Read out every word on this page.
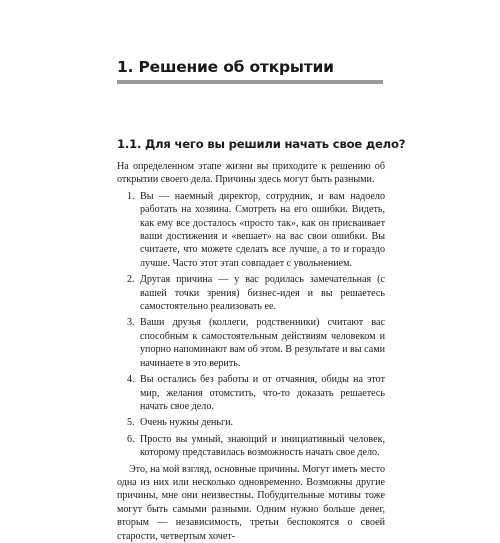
1. Решение об открытии
1.1. Для чего вы решили начать свое дело?

На определенном этапе жизни вы приходите к решению об открытии своего дела. Причины здесь могут быть разными.

1. Вы — наемный директор, сотрудник, и вам надоело работать на хозяина. Смотреть на его ошибки. Видеть, как ему все досталось «просто так», как он присваивает ваши достижения и «вешает» на вас свои ошибки. Вы считаете, что можете сделать все лучше, а то и гораздо лучше. Часто этот этап совпадает с увольнением.
2. Другая причина — у вас родилась замечательная (с вашей точки зрения) бизнес-идея и вы решаетесь самостоятельно реализовать ее.
3. Ваши друзья (коллеги, родственники) считают вас способным к самостоятельным действиям человеком и упорно напоминают вам об этом. В результате и вы сами начинаете в это верить.
4. Вы остались без работы и от отчаяния, обиды на этот мир, желания отомстить, что-то доказать решаетесь начать свое дело.
5. Очень нужны деньги.
6. Просто вы умный, знающий и инициативный человек, которому представилась возможность начать свое дело.

Это, на мой взгляд, основные причины. Могут иметь место одна из них или несколько одновременно. Возможны другие причины, мне они неизвестны. Побудительные мотивы тоже могут быть самыми разными. Одним нужно больше денег, вторым — независимость, третьи беспокоятся о своей старости, четвертым хочет-
